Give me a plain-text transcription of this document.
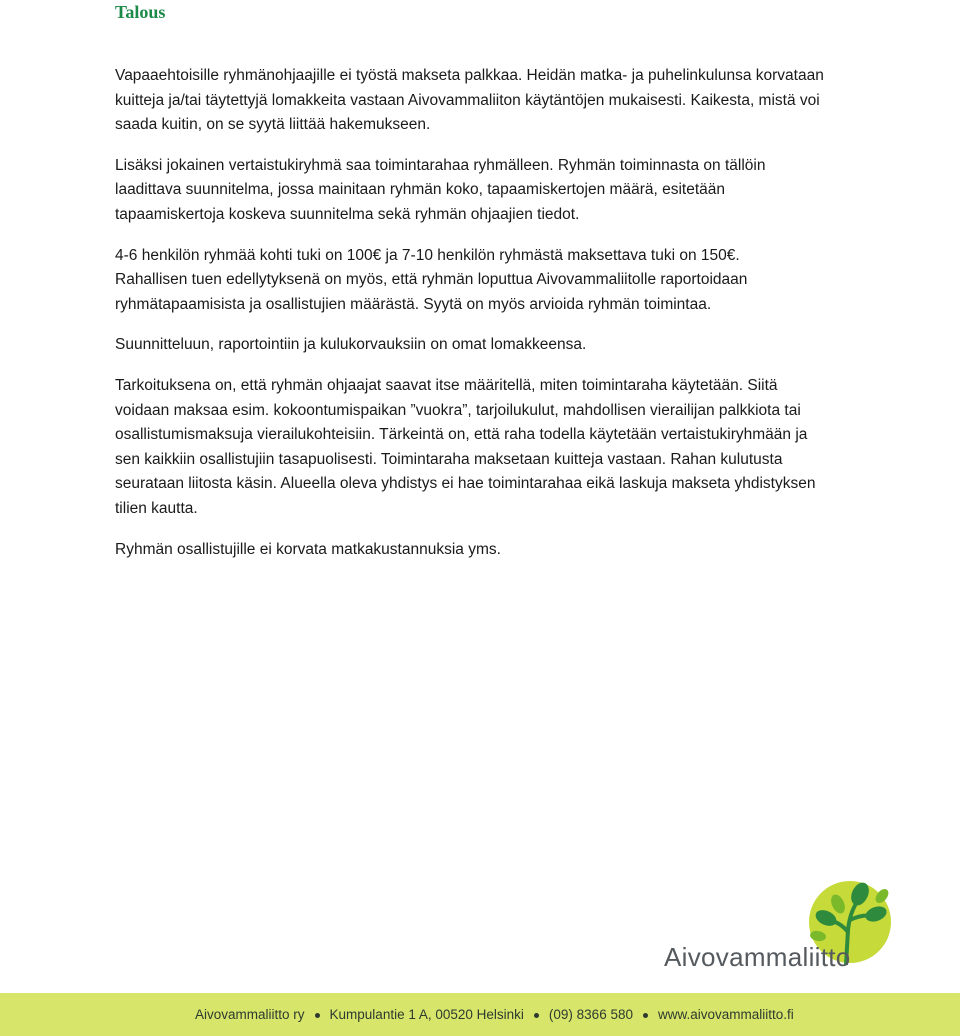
Talous

Vapaaehtoisille ryhmänohjaajille ei työstä makseta palkkaa. Heidän matka- ja puhelinkulunsa korvataan kuitteja ja/tai täytettyjä lomakkeita vastaan Aivovammaliiton käytäntöjen mukaisesti. Kaikesta, mistä voi saada kuitin, on se syytä liittää hakemukseen.

Lisäksi jokainen vertaistukiryhmä saa toimintarahaa ryhmälleen. Ryhmän toiminnasta on tällöin laadittava suunnitelma, jossa mainitaan ryhmän koko, tapaamiskertojen määrä, esitetään tapaamiskertoja koskeva suunnitelma sekä ryhmän ohjaajien tiedot.

4-6 henkilön ryhmää kohti tuki on 100€ ja 7-10 henkilön ryhmästä maksettava tuki on 150€.

Rahallisen tuen edellytyksenä on myös, että ryhmän loputtua Aivovammaliitolle raportoidaan ryhmätapaamisista ja osallistujien määrästä. Syytä on myös arvioida ryhmän toimintaa.

Suunnitteluun, raportointiin ja kulukorvauksiin on omat lomakkeensa.

Tarkoituksena on, että ryhmän ohjaajat saavat itse määritellä, miten toimintaraha käytetään. Siitä voidaan maksaa esim. kokoontumispaikan ”vuokra”, tarjoilukulut, mahdollisen vierailijan palkkiota tai osallistumismaksuja vierailukohteisiin. Tärkeintä on, että raha todella käytetään vertaistukiryhmään ja sen kaikkiin osallistujiin tasapuolisesti. Toimintaraha maksetaan kuitteja vastaan. Rahan kulutusta seurataan liitosta käsin. Alueella oleva yhdistys ei hae toimintarahaa eikä laskuja makseta yhdistyksen tilien kautta.

Ryhmän osallistujille ei korvata matkakustannuksia yms.

Aivovammaliitto
Aivovammaliitto ry Kumpulantie 1 A, 00520 Helsinki (09) 8366 580 www.aivovammaliitto.fi
